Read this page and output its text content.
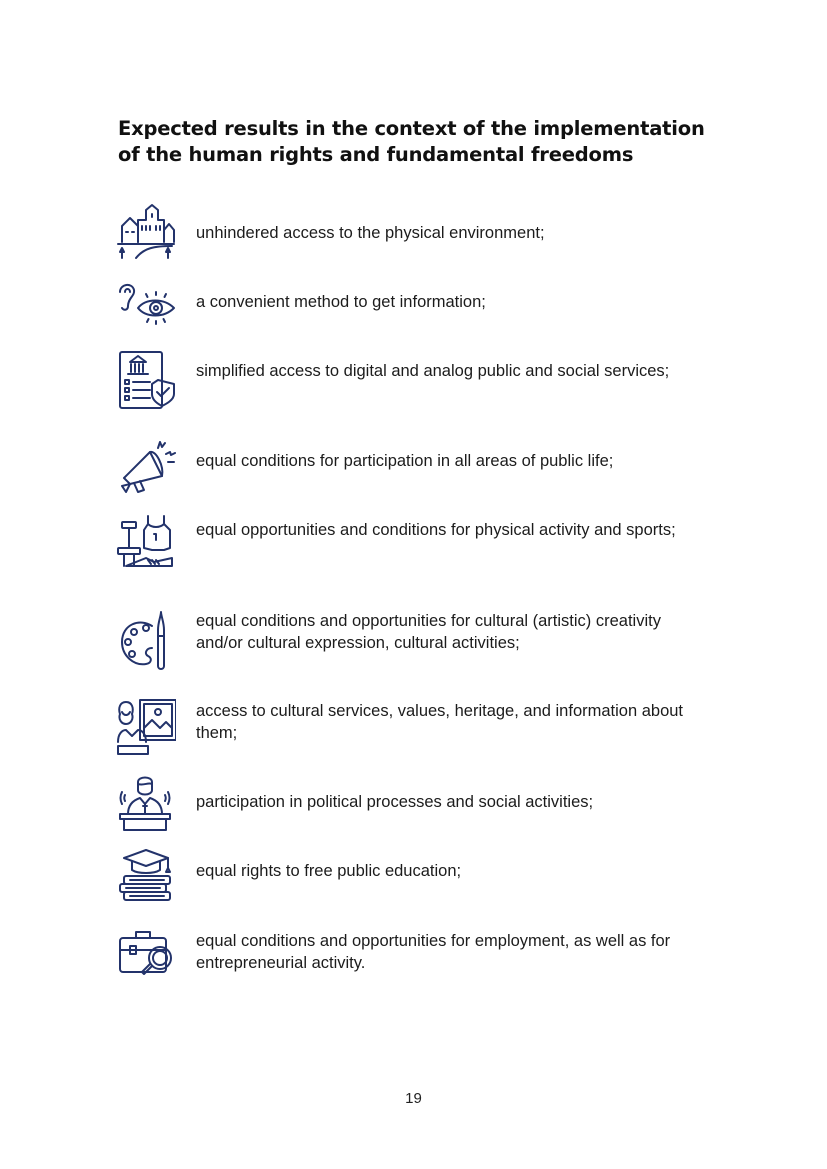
Expected results in the context of the implementation
of the human rights and fundamental freedoms
unhindered access to the physical environment;
a convenient method to get information;
simplified access to digital and analog public and social services;
equal conditions for participation in all areas of public life;
equal opportunities and conditions for physical activity and sports;
equal conditions and opportunities for cultural (artistic) creativity and/or cultural expression, cultural activities;
access to cultural services, values, heritage, and information about them;
participation in political processes and social activities;
equal rights to free public education;
equal conditions and opportunities for employment, as well as for entrepreneurial activity.
19
